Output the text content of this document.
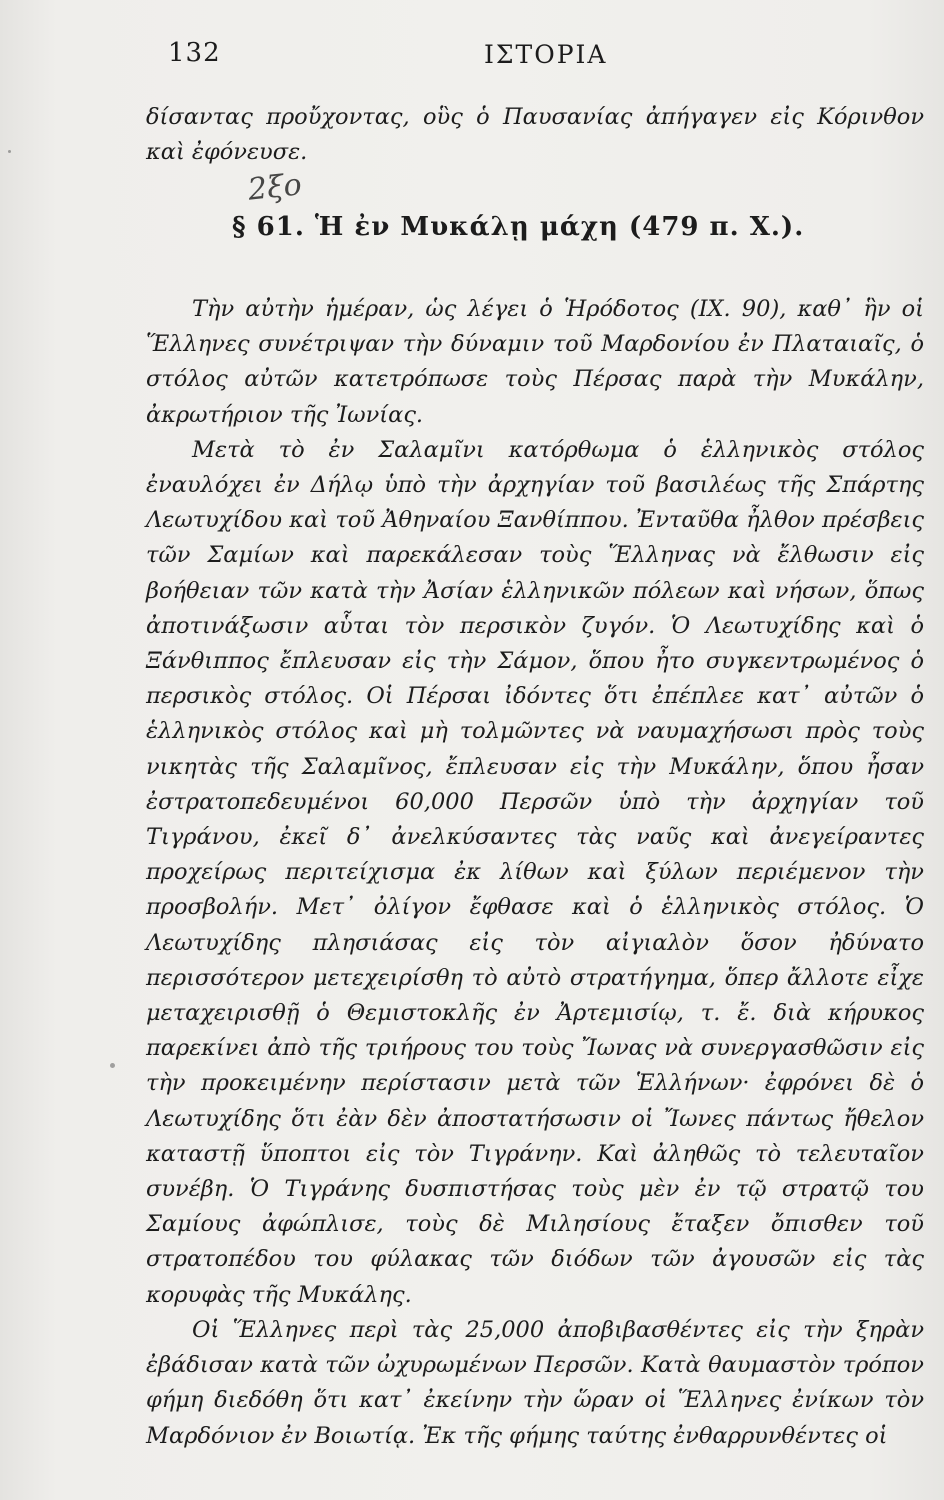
132	ΙΣΤΟΡΙΑ

δίσαντας προὔχοντας, οὓς ὁ Παυσανίας ἀπήγαγεν εἰς Κόρινθον καὶ ἐφόνευσε.

2ξο
§ 61. Ἡ ἐν Μυκάλῃ μάχη (479 π. Χ.).

Τὴν αὐτὴν ἡμέραν, ὡς λέγει ὁ Ἡρόδοτος (IX. 90), καθ᾽ ἣν οἱ Ἕλληνες συνέτριψαν τὴν δύναμιν τοῦ Μαρδονίου ἐν Πλαταιαῖς, ὁ στόλος αὐτῶν κατετρόπωσε τοὺς Πέρσας παρὰ τὴν Μυκάλην, ἀκρωτήριον τῆς Ἰωνίας.

Μετὰ τὸ ἐν Σαλαμῖνι κατόρθωμα ὁ ἑλληνικὸς στόλος ἐναυλόχει ἐν Δήλῳ ὑπὸ τὴν ἀρχηγίαν τοῦ βασιλέως τῆς Σπάρτης Λεωτυχίδου καὶ τοῦ Ἀθηναίου Ξανθίππου. Ἐνταῦθα ἦλθον πρέσβεις τῶν Σαμίων καὶ παρεκάλεσαν τοὺς Ἕλληνας νὰ ἔλθωσιν εἰς βοήθειαν τῶν κατὰ τὴν Ἀσίαν ἑλληνικῶν πόλεων καὶ νήσων, ὅπως ἀποτινάξωσιν αὗται τὸν περσικὸν ζυγόν. Ὁ Λεωτυχίδης καὶ ὁ Ξάνθιππος ἔπλευσαν εἰς τὴν Σάμον, ὅπου ἦτο συγκεντρωμένος ὁ περσικὸς στόλος. Οἱ Πέρσαι ἰδόντες ὅτι ἐπέπλεε κατ᾽ αὐτῶν ὁ ἑλληνικὸς στόλος καὶ μὴ τολμῶντες νὰ ναυμαχήσωσι πρὸς τοὺς νικητὰς τῆς Σαλαμῖνος, ἔπλευσαν εἰς τὴν Μυκάλην, ὅπου ἦσαν ἐστρατοπεδευμένοι 60,000 Περσῶν ὑπὸ τὴν ἀρχηγίαν τοῦ Τιγράνου, ἐκεῖ δ᾽ ἀνελκύσαντες τὰς ναῦς καὶ ἀνεγείραντες προχείρως περιτείχισμα ἐκ λίθων καὶ ξύλων περιέμενον τὴν προσβολήν. Μετ᾽ ὀλίγον ἔφθασε καὶ ὁ ἑλληνικὸς στόλος. Ὁ Λεωτυχίδης πλησιάσας εἰς τὸν αἰγιαλὸν ὅσον ἠδύνατο περισσότερον μετεχειρίσθη τὸ αὐτὸ στρατήγημα, ὅπερ ἄλλοτε εἶχε μεταχειρισθῇ ὁ Θεμιστοκλῆς ἐν Ἀρτεμισίῳ, τ. ἔ. διὰ κήρυκος παρεκίνει ἀπὸ τῆς τριήρους του τοὺς Ἴωνας νὰ συνεργασθῶσιν εἰς τὴν προκειμένην περίστασιν μετὰ τῶν Ἑλλήνων· ἐφρόνει δὲ ὁ Λεωτυχίδης ὅτι ἐὰν δὲν ἀποστατήσωσιν οἱ Ἴωνες πάντως ἤθελον καταστῇ ὕποπτοι εἰς τὸν Τιγράνην. Καὶ ἀληθῶς τὸ τελευταῖον συνέβη. Ὁ Τιγράνης δυσπιστήσας τοὺς μὲν ἐν τῷ στρατῷ του Σαμίους ἀφώπλισε, τοὺς δὲ Μιλησίους ἔταξεν ὄπισθεν τοῦ στρατοπέδου του φύλακας τῶν διόδων τῶν ἀγουσῶν εἰς τὰς κορυφὰς τῆς Μυκάλης.

Οἱ Ἕλληνες περὶ τὰς 25,000 ἀποβιβασθέντες εἰς τὴν ξηρὰν ἐβάδισαν κατὰ τῶν ὠχυρωμένων Περσῶν. Κατὰ θαυμαστὸν τρόπον φήμη διεδόθη ὅτι κατ᾽ ἐκείνην τὴν ὥραν οἱ Ἕλληνες ἐνίκων τὸν Μαρδόνιον ἐν Βοιωτίᾳ. Ἐκ τῆς φήμης ταύτης ἐνθαρρυνθέντες οἱ
